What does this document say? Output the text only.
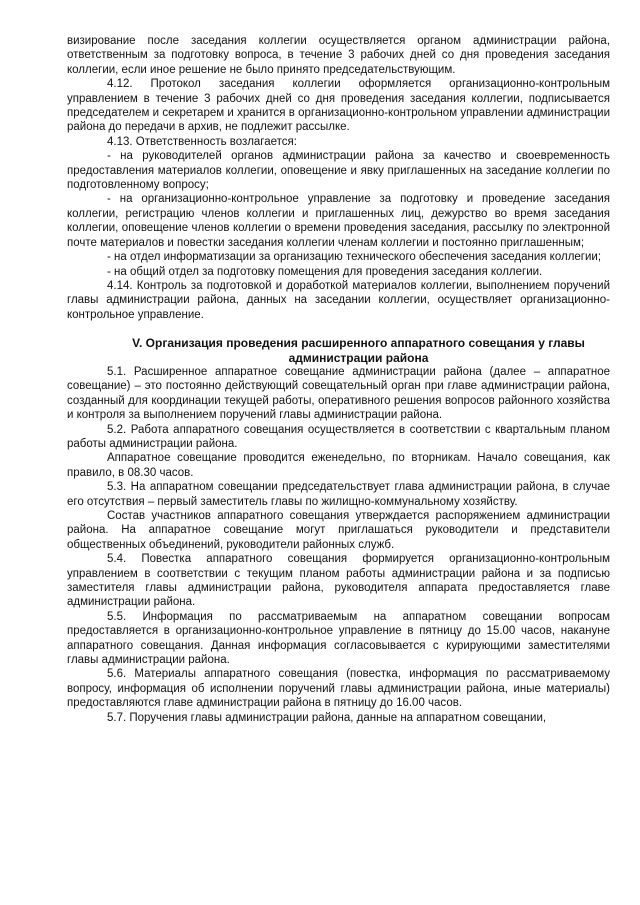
визирование после заседания коллегии осуществляется органом администрации района, ответственным за подготовку вопроса, в течение 3 рабочих дней со дня проведения заседания коллегии, если иное решение не было принято председательствующим.

4.12. Протокол заседания коллегии оформляется организационно-контрольным управлением в течение 3 рабочих дней со дня проведения заседания коллегии, подписывается председателем и секретарем и хранится в организационно-контрольном управлении администрации района до передачи в архив, не подлежит рассылке.

4.13. Ответственность возлагается:

- на руководителей органов администрации района за качество и своевременность предоставления материалов коллегии, оповещение и явку приглашенных на заседание коллегии по подготовленному вопросу;

- на организационно-контрольное управление за подготовку и проведение заседания коллегии, регистрацию членов коллегии и приглашенных лиц, дежурство во время заседания коллегии, оповещение членов коллегии о времени проведения заседания, рассылку по электронной почте материалов и повестки заседания коллегии членам коллегии и постоянно приглашенным;

- на отдел информатизации за организацию технического обеспечения заседания коллегии;

- на общий отдел за подготовку помещения для проведения заседания коллегии.

4.14. Контроль за подготовкой и доработкой материалов коллегии, выполнением поручений главы администрации района, данных на заседании коллегии, осуществляет организационно-контрольное управление.

V. Организация проведения расширенного аппаратного совещания у главы администрации района

5.1. Расширенное аппаратное совещание администрации района (далее – аппаратное совещание) – это постоянно действующий совещательный орган при главе администрации района, созданный для координации текущей работы, оперативного решения вопросов районного хозяйства и контроля за выполнением поручений главы администрации района.

5.2. Работа аппаратного совещания осуществляется в соответствии с квартальным планом работы администрации района.

Аппаратное совещание проводится еженедельно, по вторникам. Начало совещания, как правило, в 08.30 часов.

5.3. На аппаратном совещании председательствует глава администрации района, в случае его отсутствия – первый заместитель главы по жилищно-коммунальному хозяйству.

Состав участников аппаратного совещания утверждается распоряжением администрации района. На аппаратное совещание могут приглашаться руководители и представители общественных объединений, руководители районных служб.

5.4. Повестка аппаратного совещания формируется организационно-контрольным управлением в соответствии с текущим планом работы администрации района и за подписью заместителя главы администрации района, руководителя аппарата предоставляется главе администрации района.

5.5. Информация по рассматриваемым на аппаратном совещании вопросам предоставляется в организационно-контрольное управление в пятницу до 15.00 часов, накануне аппаратного совещания. Данная информация согласовывается с курирующими заместителями главы администрации района.

5.6. Материалы аппаратного совещания (повестка, информация по рассматриваемому вопросу, информация об исполнении поручений главы администрации района, иные материалы) предоставляются главе администрации района в пятницу до 16.00 часов.

5.7. Поручения главы администрации района, данные на аппаратном совещании,
